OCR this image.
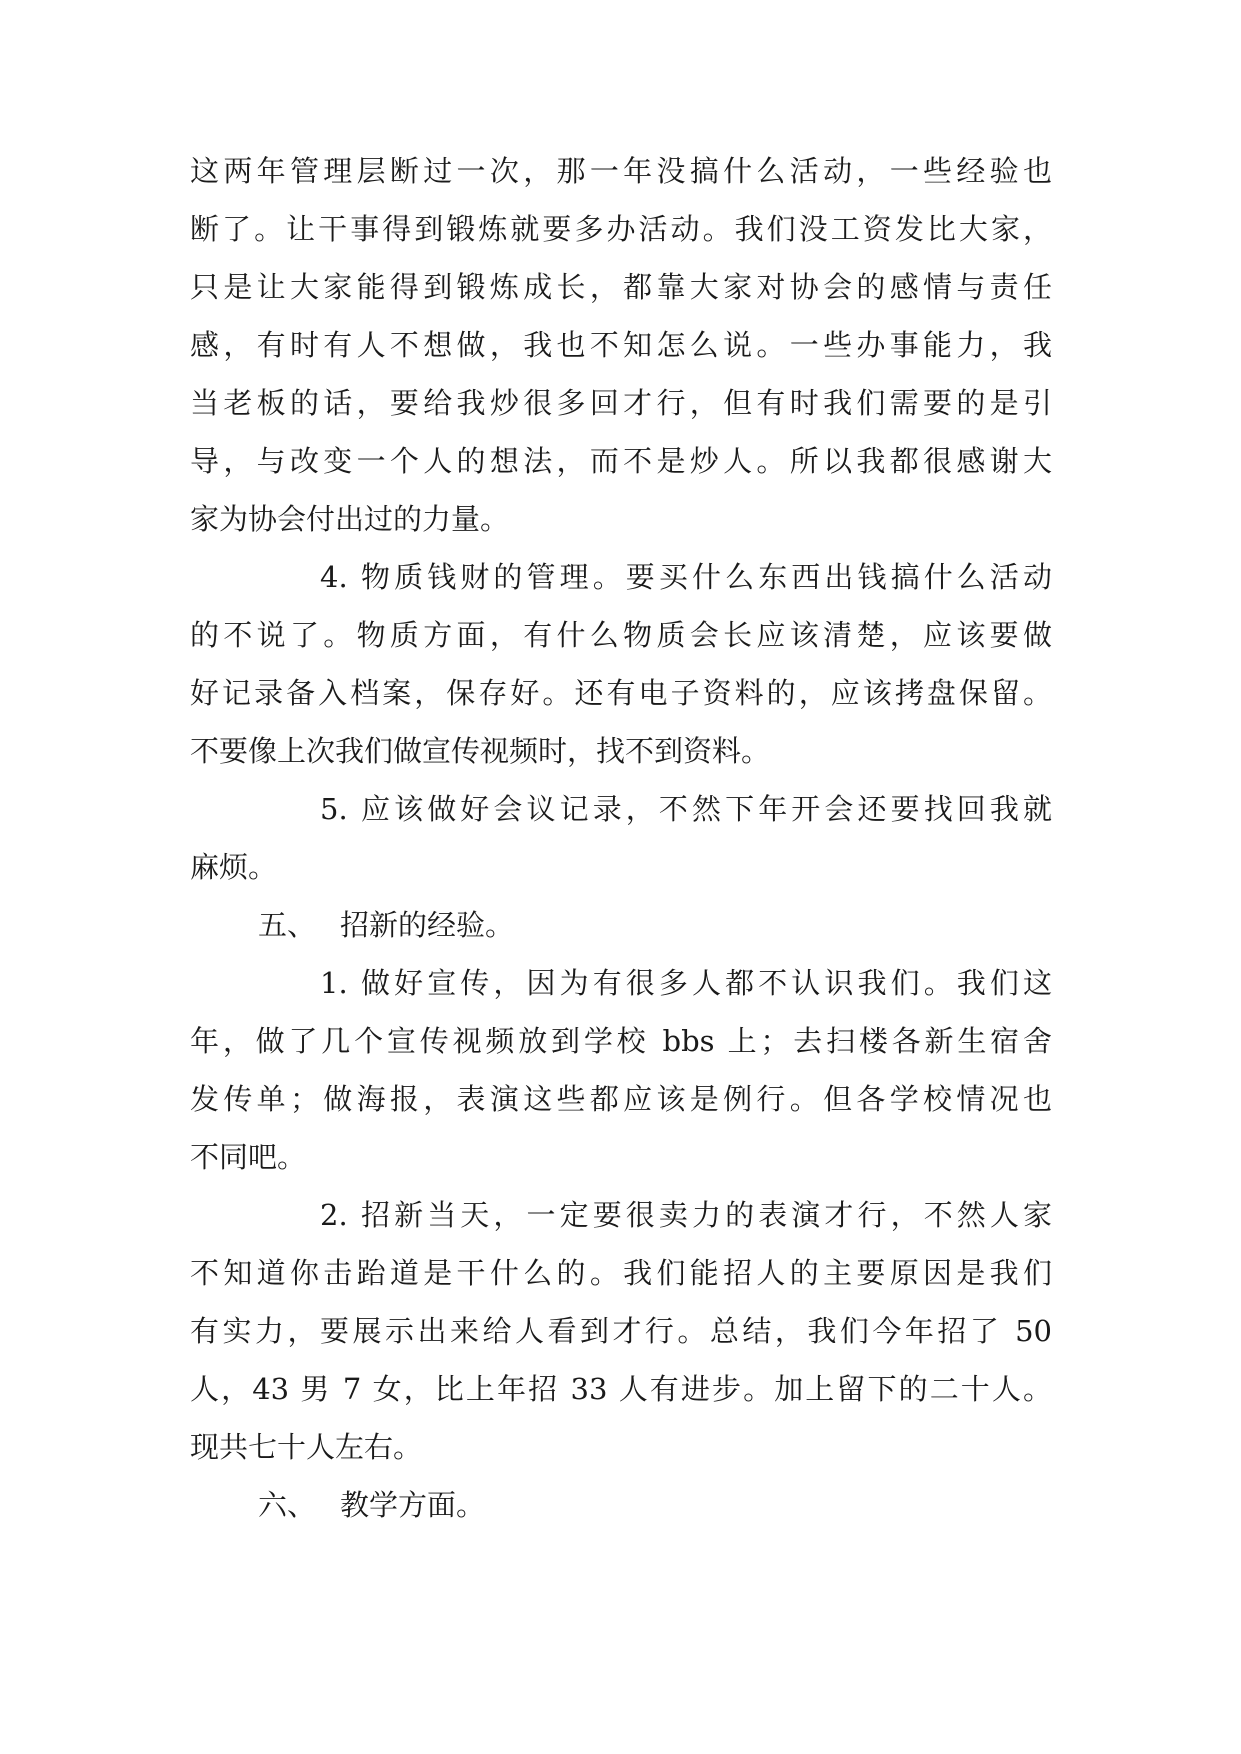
这两年管理层断过一次，那一年没搞什么活动，一些经验也
断了。让干事得到锻炼就要多办活动。我们没工资发比大家，
只是让大家能得到锻炼成长，都靠大家对协会的感情与责任
感，有时有人不想做，我也不知怎么说。一些办事能力，我
当老板的话，要给我炒很多回才行，但有时我们需要的是引
导，与改变一个人的想法，而不是炒人。所以我都很感谢大
家为协会付出过的力量。
4. 物质钱财的管理。要买什么东西出钱搞什么活动
的不说了。物质方面，有什么物质会长应该清楚，应该要做
好记录备入档案，保存好。还有电子资料的，应该拷盘保留。
不要像上次我们做宣传视频时，找不到资料。
5. 应该做好会议记录，不然下年开会还要找回我就
麻烦。
五、 招新的经验。
1. 做好宣传，因为有很多人都不认识我们。我们这
年，做了几个宣传视频放到学校 bbs 上；去扫楼各新生宿舍
发传单；做海报，表演这些都应该是例行。但各学校情况也
不同吧。
2. 招新当天，一定要很卖力的表演才行，不然人家
不知道你击跆道是干什么的。我们能招人的主要原因是我们
有实力，要展示出来给人看到才行。总结，我们今年招了 50
人，43 男 7 女，比上年招 33 人有进步。加上留下的二十人。
现共七十人左右。
六、 教学方面。
